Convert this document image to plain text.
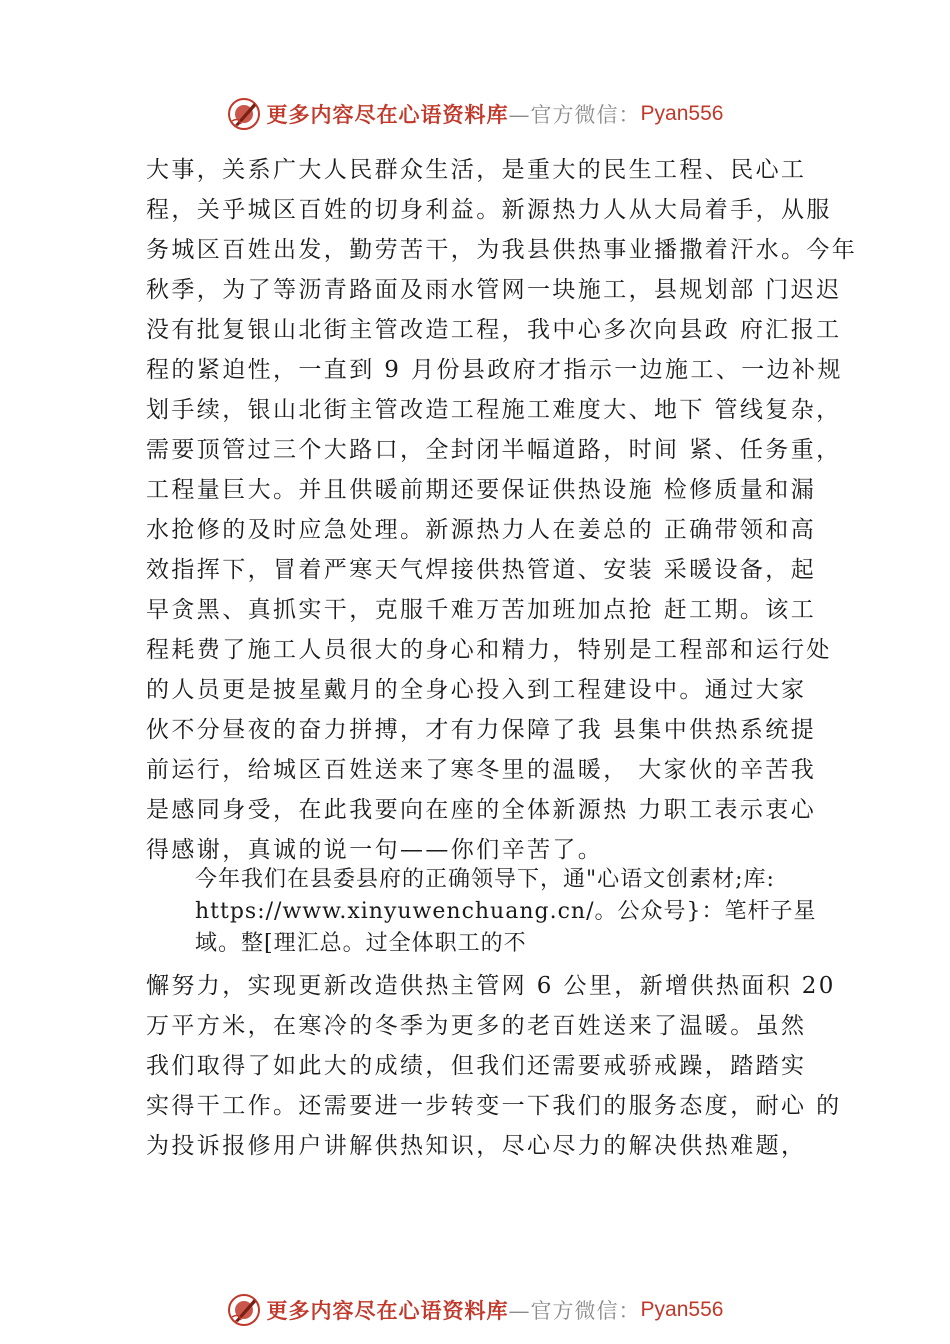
更多内容尽在心语资料库 —官方微信： Pyan556
大事，关系广大人民群众生活，是重大的民生工程、民心工
程，关乎城区百姓的切身利益。新源热力人从大局着手，从服
务城区百姓出发，勤劳苦干，为我县供热事业播撒着汗水。今年
秋季，为了等沥青路面及雨水管网一块施工，县规划部 门迟迟
没有批复银山北街主管改造工程，我中心多次向县政 府汇报工
程的紧迫性，一直到 9 月份县政府才指示一边施工、一边补规
划手续，银山北街主管改造工程施工难度大、地下 管线复杂，
需要顶管过三个大路口，全封闭半幅道路，时间 紧、任务重，
工程量巨大。并且供暖前期还要保证供热设施 检修质量和漏
水抢修的及时应急处理。新源热力人在姜总的 正确带领和高
效指挥下，冒着严寒天气焊接供热管道、安装 采暖设备，起
早贪黑、真抓实干，克服千难万苦加班加点抢 赶工期。该工
程耗费了施工人员很大的身心和精力，特别是工程部和运行处
的人员更是披星戴月的全身心投入到工程建设中。通过大家
伙不分昼夜的奋力拼搏，才有力保障了我 县集中供热系统提
前运行，给城区百姓送来了寒冬里的温暖， 大家伙的辛苦我
是感同身受，在此我要向在座的全体新源热 力职工表示衷心
得感谢，真诚的说一句——你们辛苦了。
今年我们在县委县府的正确领导下，通"心语文创素材;库:
https://www.xinyuwenchuang.cn/。公众号}：笔杆子星
域。整[理汇总。过全体职工的不
懈努力，实现更新改造供热主管网 6 公里，新增供热面积 20
万平方米，在寒冷的冬季为更多的老百姓送来了温暖。虽然
我们取得了如此大的成绩，但我们还需要戒骄戒躁，踏踏实
实得干工作。还需要进一步转变一下我们的服务态度，耐心 的
为投诉报修用户讲解供热知识，尽心尽力的解决供热难题，
更多内容尽在心语资料库 —官方微信： Pyan556
